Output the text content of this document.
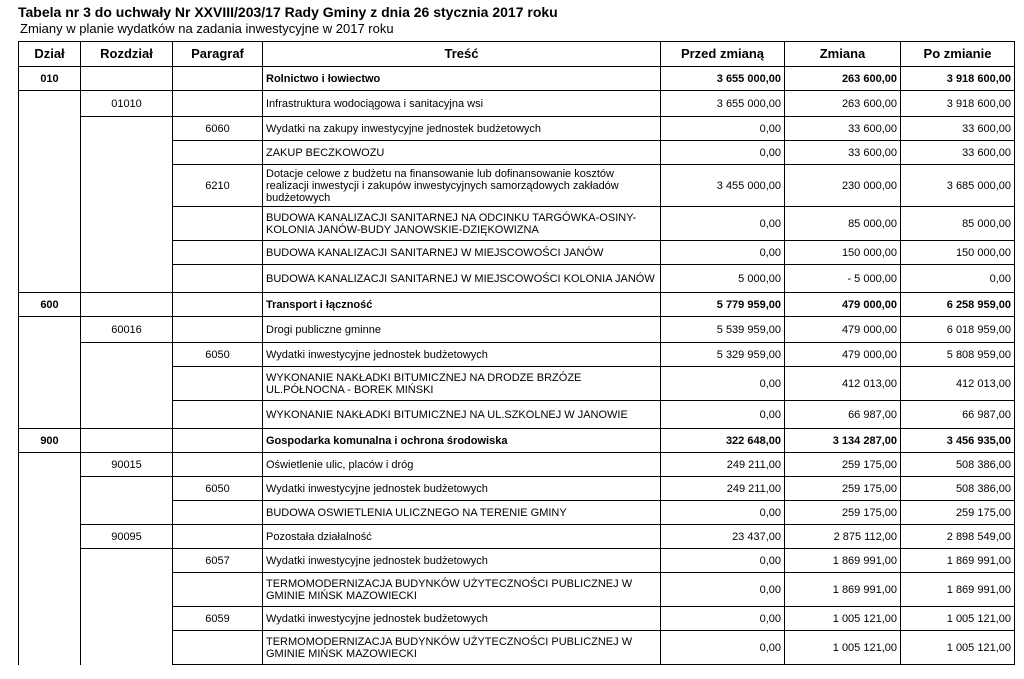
Tabela nr 3 do uchwały Nr XXVIII/203/17 Rady Gminy z dnia 26 stycznia 2017 roku
Zmiany w planie wydatków na zadania inwestycyjne w 2017 roku
Dział	Rozdział	Paragraf	Treść	Przed zmianą	Zmiana	Po zmianie
010			Rolnictwo i łowiectwo	3 655 000,00	263 600,00	3 918 600,00
	01010		Infrastruktura wodociągowa i sanitacyjna wsi	3 655 000,00	263 600,00	3 918 600,00
		6060	Wydatki na zakupy inwestycyjne jednostek budżetowych	0,00	33 600,00	33 600,00
			ZAKUP BECZKOWOZU	0,00	33 600,00	33 600,00
		6210	Dotacje celowe z budżetu na finansowanie lub dofinansowanie kosztów realizacji inwestycji i zakupów inwestycyjnych samorządowych zakładów budżetowych	3 455 000,00	230 000,00	3 685 000,00
			BUDOWA KANALIZACJI SANITARNEJ NA ODCINKU TARGÓWKA-OSINY-KOLONIA JANÓW-BUDY JANOWSKIE-DZIĘKOWIZNA	0,00	85 000,00	85 000,00
			BUDOWA KANALIZACJI SANITARNEJ W MIEJSCOWOŚCI JANÓW	0,00	150 000,00	150 000,00
			BUDOWA KANALIZACJI SANITARNEJ W MIEJSCOWOŚCI KOLONIA JANÓW	5 000,00	- 5 000,00	0,00
600			Transport i łączność	5 779 959,00	479 000,00	6 258 959,00
	60016		Drogi publiczne gminne	5 539 959,00	479 000,00	6 018 959,00
		6050	Wydatki inwestycyjne jednostek budżetowych	5 329 959,00	479 000,00	5 808 959,00
			WYKONANIE NAKŁADKI BITUMICZNEJ NA DRODZE BRZÓZE UL.PÓŁNOCNA - BOREK MIŃSKI	0,00	412 013,00	412 013,00
			WYKONANIE NAKŁADKI BITUMICZNEJ NA UL.SZKOLNEJ W JANOWIE	0,00	66 987,00	66 987,00
900			Gospodarka komunalna i ochrona środowiska	322 648,00	3 134 287,00	3 456 935,00
	90015		Oświetlenie ulic, placów i dróg	249 211,00	259 175,00	508 386,00
		6050	Wydatki inwestycyjne jednostek budżetowych	249 211,00	259 175,00	508 386,00
			BUDOWA OSWIETLENIA ULICZNEGO NA TERENIE GMINY	0,00	259 175,00	259 175,00
	90095		Pozostała działalność	23 437,00	2 875 112,00	2 898 549,00
		6057	Wydatki inwestycyjne jednostek budżetowych	0,00	1 869 991,00	1 869 991,00
			TERMOMODERNIZACJA BUDYNKÓW UŻYTECZNOŚCI PUBLICZNEJ W GMINIE MIŃSK MAZOWIECKI	0,00	1 869 991,00	1 869 991,00
		6059	Wydatki inwestycyjne jednostek budżetowych	0,00	1 005 121,00	1 005 121,00
			TERMOMODERNIZACJA BUDYNKÓW UŻYTECZNOŚCI PUBLICZNEJ W GMINIE MIŃSK MAZOWIECKI	0,00	1 005 121,00	1 005 121,00
